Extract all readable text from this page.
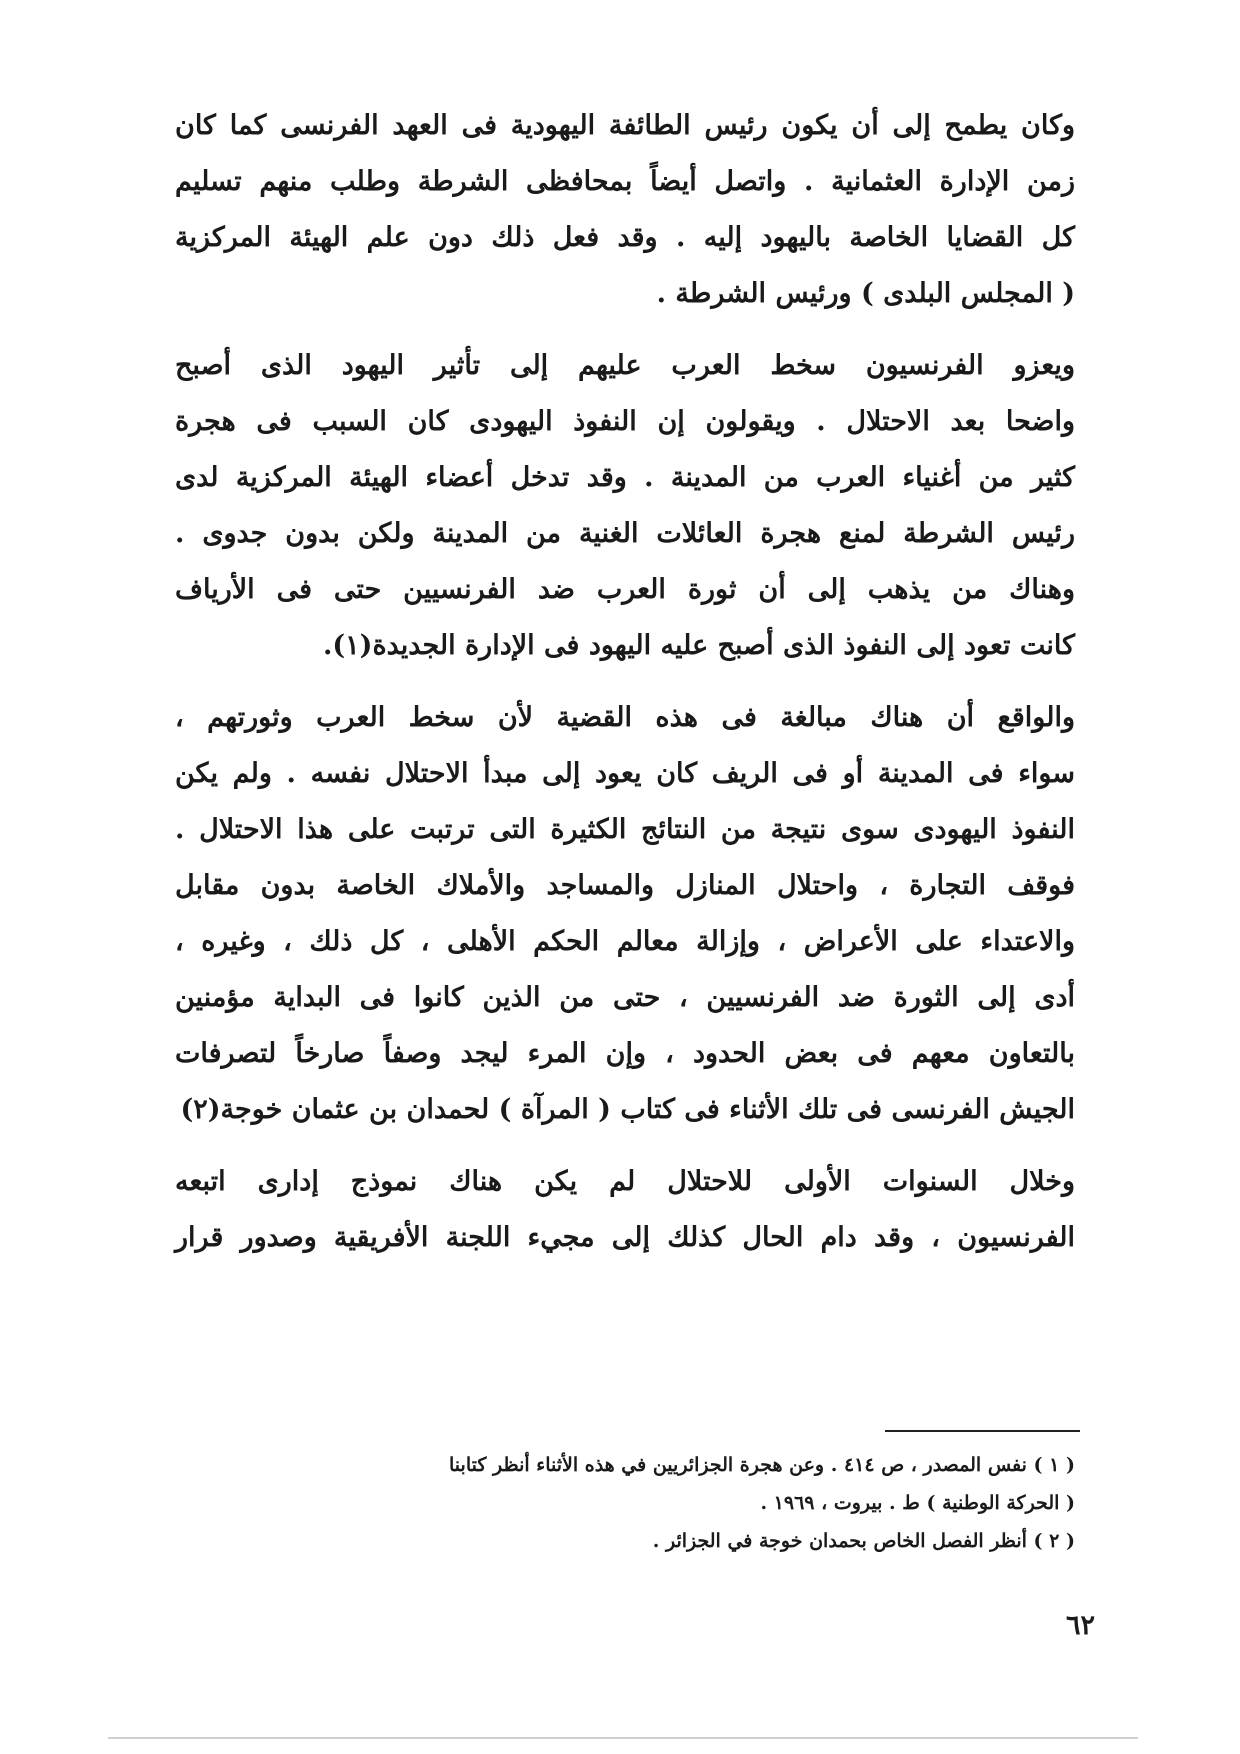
وكان يطمح إلى أن يكون رئيس الطائفة اليهودية فى العهد الفرنسى كما كان
زمن الإدارة العثمانية . واتصل أيضاً بمحافظى الشرطة وطلب منهم تسليم
كل القضايا الخاصة باليهود إليه . وقد فعل ذلك دون علم الهيئة المركزية
( المجلس البلدى ) ورئيس الشرطة .
ويعزو الفرنسيون سخط العرب عليهم إلى تأثير اليهود الذى أصبح
واضحا بعد الاحتلال . ويقولون إن النفوذ اليهودى كان السبب فى هجرة
كثير من أغنياء العرب من المدينة . وقد تدخل أعضاء الهيئة المركزية لدى
رئيس الشرطة لمنع هجرة العائلات الغنية من المدينة ولكن بدون جدوى .
وهناك من يذهب إلى أن ثورة العرب ضد الفرنسيين حتى فى الأرياف
كانت تعود إلى النفوذ الذى أصبح عليه اليهود فى الإدارة الجديدة(١).
والواقع أن هناك مبالغة فى هذه القضية لأن سخط العرب وثورتهم ،
سواء فى المدينة أو فى الريف كان يعود إلى مبدأ الاحتلال نفسه . ولم يكن
النفوذ اليهودى سوى نتيجة من النتائج الكثيرة التى ترتبت على هذا الاحتلال .
فوقف التجارة ، واحتلال المنازل والمساجد والأملاك الخاصة بدون مقابل
والاعتداء على الأعراض ، وإزالة معالم الحكم الأهلى ، كل ذلك ، وغيره ،
أدى إلى الثورة ضد الفرنسيين ، حتى من الذين كانوا فى البداية مؤمنين
بالتعاون معهم فى بعض الحدود ، وإن المرء ليجد وصفاً صارخاً لتصرفات
الجيش الفرنسى فى تلك الأثناء فى كتاب ( المرآة ) لحمدان بن عثمان خوجة(٢)
وخلال السنوات الأولى للاحتلال لم يكن هناك نموذج إدارى اتبعه
الفرنسيون ، وقد دام الحال كذلك إلى مجيء اللجنة الأفريقية وصدور قرار
( ١ ) نفس المصدر ، ص ٤١٤ . وعن هجرة الجزائريين في هذه الأثناء أنظر كتابنا
( الحركة الوطنية ) ط . بيروت ، ١٩٦٩ .
( ٢ ) أنظر الفصل الخاص بحمدان خوجة في الجزائر .
٦٢
